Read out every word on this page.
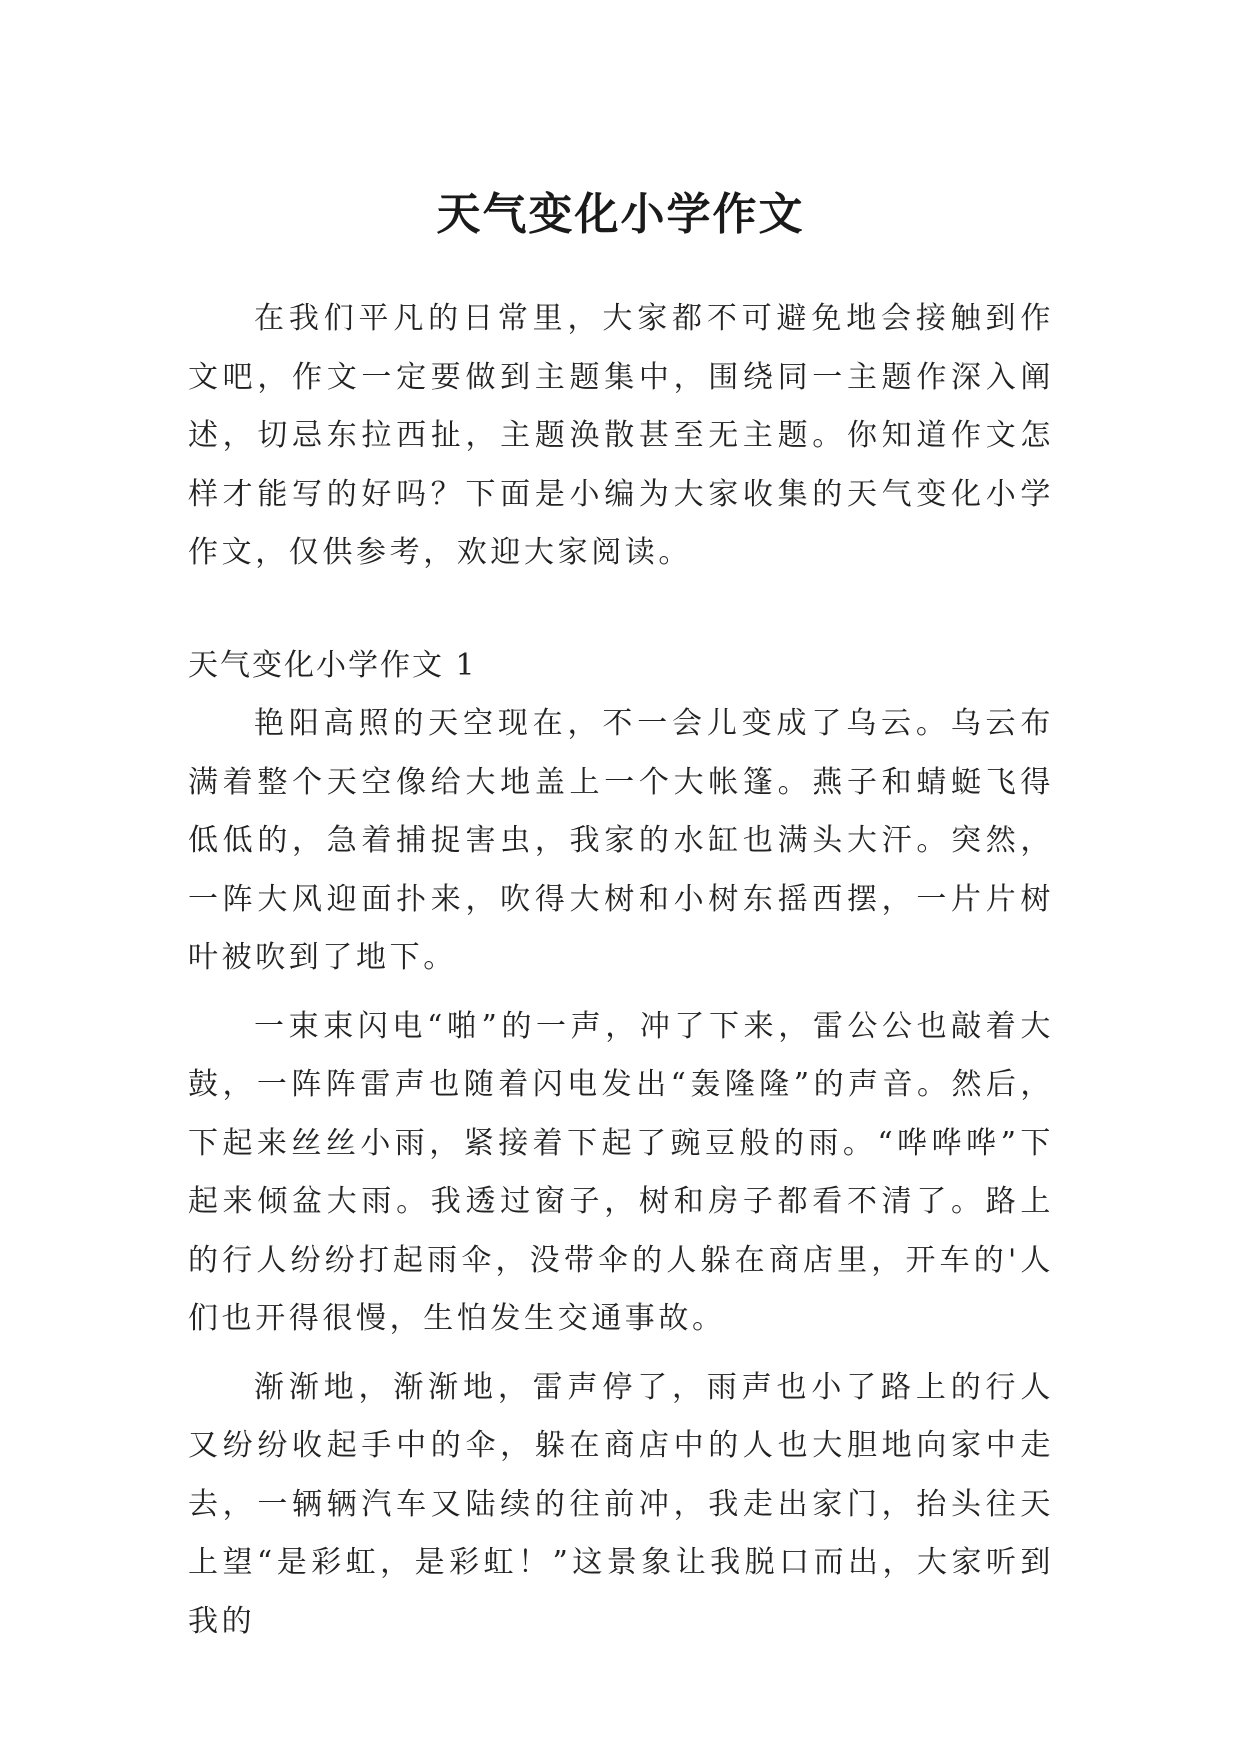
天气变化小学作文

在我们平凡的日常里，大家都不可避免地会接触到作文吧，作文一定要做到主题集中，围绕同一主题作深入阐述，切忌东拉西扯，主题涣散甚至无主题。你知道作文怎样才能写的好吗？下面是小编为大家收集的天气变化小学作文，仅供参考，欢迎大家阅读。

天气变化小学作文 1

艳阳高照的天空现在，不一会儿变成了乌云。乌云布满着整个天空像给大地盖上一个大帐篷。燕子和蜻蜓飞得低低的，急着捕捉害虫，我家的水缸也满头大汗。突然，一阵大风迎面扑来，吹得大树和小树东摇西摆，一片片树叶被吹到了地下。

一束束闪电“啪”的一声，冲了下来，雷公公也敲着大鼓，一阵阵雷声也随着闪电发出“轰隆隆”的声音。然后，下起来丝丝小雨，紧接着下起了豌豆般的雨。“哗哗哗”下起来倾盆大雨。我透过窗子，树和房子都看不清了。路上的行人纷纷打起雨伞，没带伞的人躲在商店里，开车的'人们也开得很慢，生怕发生交通事故。

渐渐地，渐渐地，雷声停了，雨声也小了路上的行人又纷纷收起手中的伞，躲在商店中的人也大胆地向家中走去，一辆辆汽车又陆续的往前冲，我走出家门，抬头往天上望“是彩虹，是彩虹！”这景象让我脱口而出，大家听到我的
